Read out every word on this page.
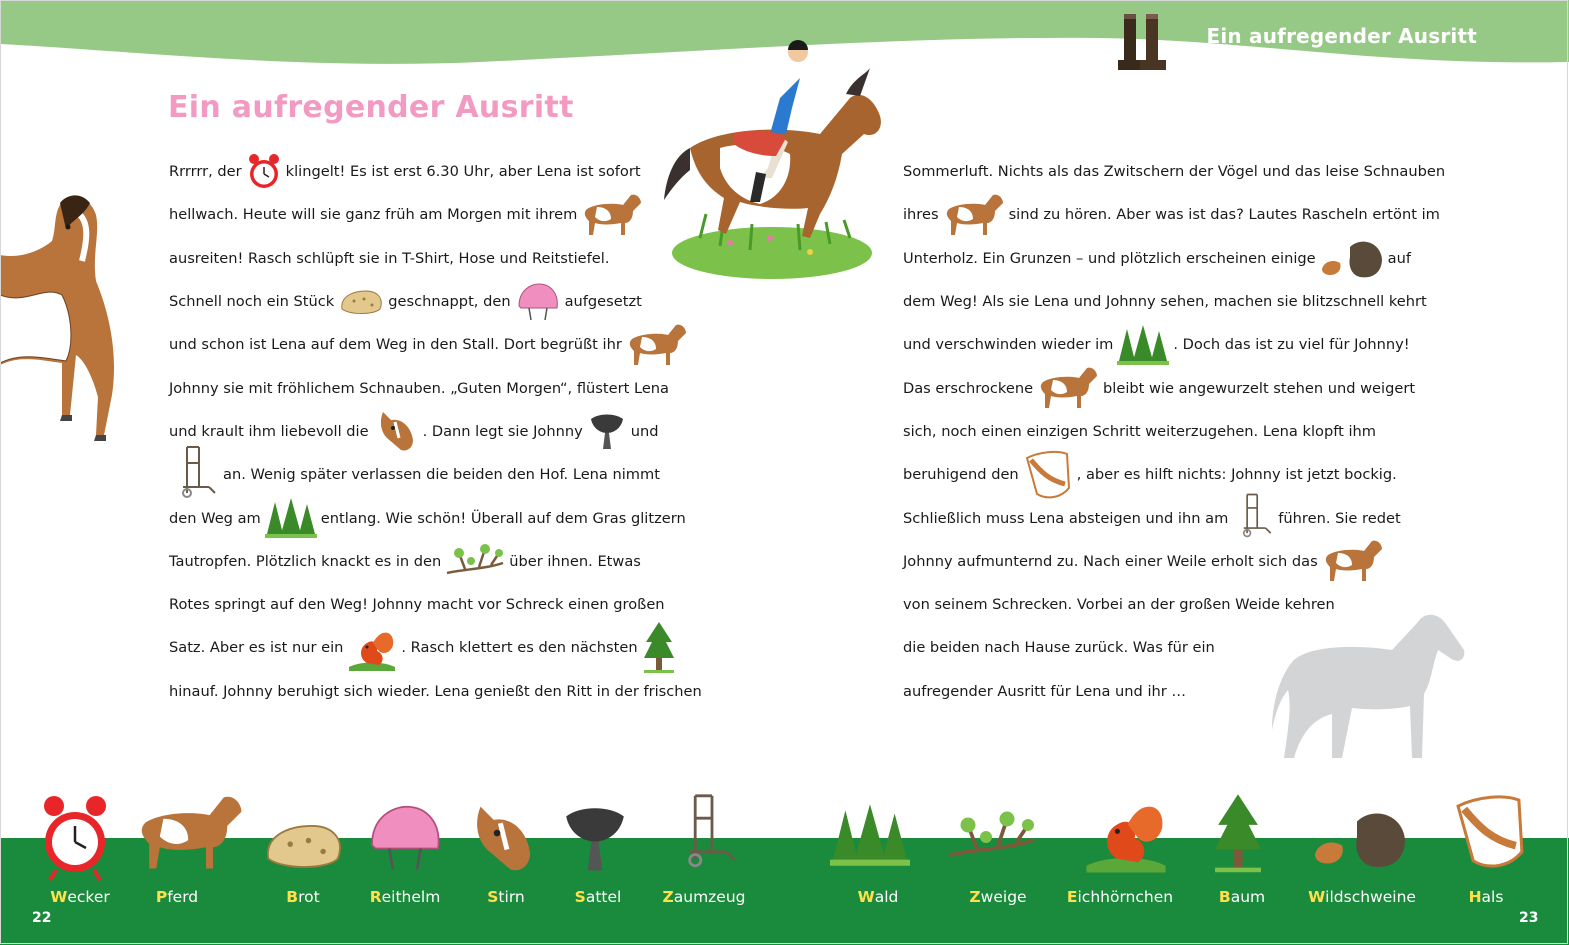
Ein aufregender Ausritt
Ein aufregender Ausritt
Rrrrrr, der	klingelt! Es ist erst 6.30 Uhr, aber Lena ist sofort
hellwach. Heute will sie ganz früh am Morgen mit ihrem
ausreiten! Rasch schlüpft sie in T-Shirt, Hose und Reitstiefel.
Schnell noch ein Stück	geschnappt, den	aufgesetzt
und schon ist Lena auf dem Weg in den Stall. Dort begrüßt ihr
Johnny sie mit fröhlichem Schnauben. „Guten Morgen“, flüstert Lena
und krault ihm liebevoll die	. Dann legt sie Johnny	und
an. Wenig später verlassen die beiden den Hof. Lena nimmt
den Weg am	entlang. Wie schön! Überall auf dem Gras glitzern
Tautropfen. Plötzlich knackt es in den	über ihnen. Etwas
Rotes springt auf den Weg! Johnny macht vor Schreck einen großen
Satz. Aber es ist nur ein	. Rasch klettert es den nächsten
hinauf. Johnny beruhigt sich wieder. Lena genießt den Ritt in der frischen
Sommerluft. Nichts als das Zwitschern der Vögel und das leise Schnauben
ihres	sind zu hören. Aber was ist das? Lautes Rascheln ertönt im
Unterholz. Ein Grunzen – und plötzlich erscheinen einige	auf
dem Weg! Als sie Lena und Johnny sehen, machen sie blitzschnell kehrt
und verschwinden wieder im	. Doch das ist zu viel für Johnny!
Das erschrockene	bleibt wie angewurzelt stehen und weigert
sich, noch einen einzigen Schritt weiterzugehen. Lena klopft ihm
beruhigend den	, aber es hilft nichts: Johnny ist jetzt bockig.
Schließlich muss Lena absteigen und ihn am	führen. Sie redet
Johnny aufmunternd zu. Nach einer Weile erholt sich das
von seinem Schrecken. Vorbei an der großen Weide kehren
die beiden nach Hause zurück. Was für ein
aufregender Ausritt für Lena und ihr …
Wecker	Pferd	Brot	Reithelm	Stirn	Sattel	Zaumzeug	Wald	Zweige	Eichhörnchen	Baum	Wildschweine	Hals
22	23
